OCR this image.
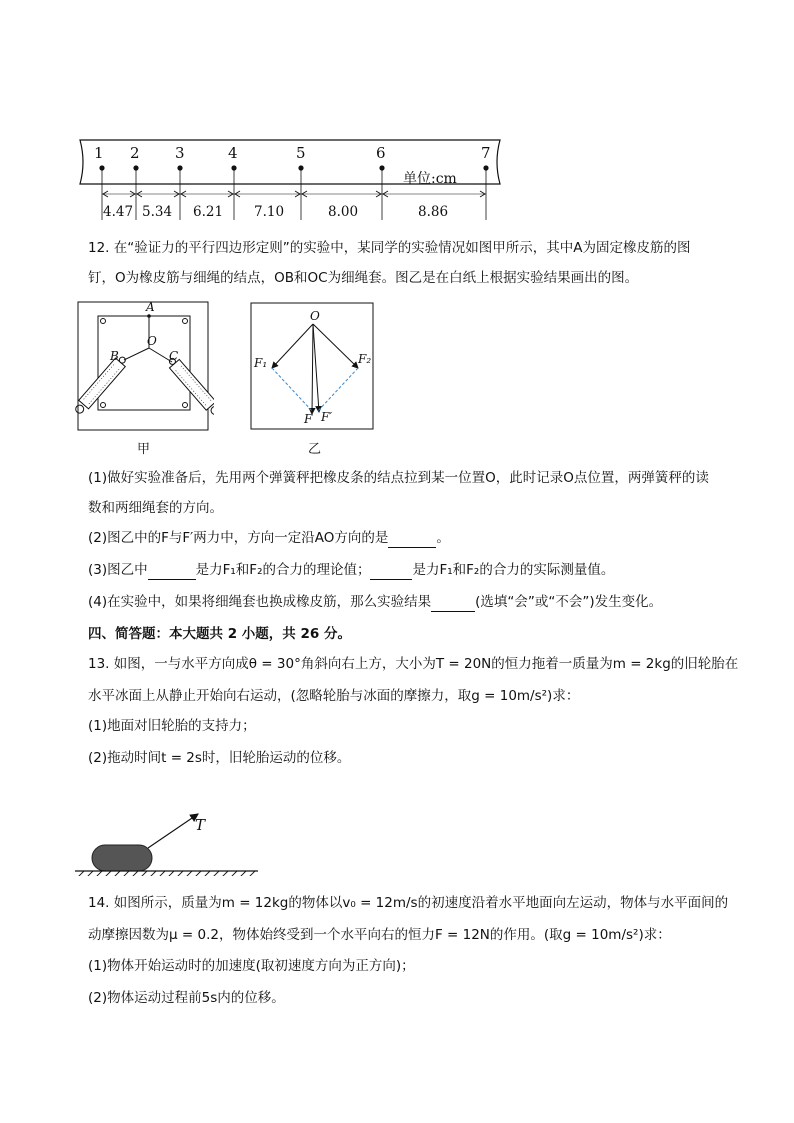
1 2 3	4	5	6	7
单位:cm
4.47 5.34 6.21 7.10	8.00	8.86
12. 在“验证力的平行四边形定则”的实验中，某同学的实验情况如图甲所示，其中A为固定橡皮筋的图
钉，O为橡皮筋与细绳的结点，OB和OC为细绳套。图乙是在白纸上根据实验结果画出的图。
A
O
B	C
甲
O
F₁	F₂
F F′
乙
(1)做好实验准备后，先用两个弹簧秤把橡皮条的结点拉到某一位置O，此时记录O点位置，两弹簧秤的读
数和两细绳套的方向。
(2)图乙中的F与F′两力中，方向一定沿AO方向的是	。
(3)图乙中	是力F₁和F₂的合力的理论值；	是力F₁和F₂的合力的实际测量值。
(4)在实验中，如果将细绳套也换成橡皮筋，那么实验结果	(选填“会”或“不会”)发生变化。
四、简答题：本大题共 2 小题，共 26 分。
13. 如图，一与水平方向成θ = 30°角斜向右上方，大小为T = 20N的恒力拖着一质量为m = 2kg的旧轮胎在
水平冰面上从静止开始向右运动，(忽略轮胎与冰面的摩擦力，取g = 10m/s²)求：
(1)地面对旧轮胎的支持力；
(2)拖动时间t = 2s时，旧轮胎运动的位移。
T
14. 如图所示，质量为m = 12kg的物体以v₀ = 12m/s的初速度沿着水平地面向左运动，物体与水平面间的
动摩擦因数为μ = 0.2，物体始终受到一个水平向右的恒力F = 12N的作用。(取g = 10m/s²)求：
(1)物体开始运动时的加速度(取初速度方向为正方向)；
(2)物体运动过程前5s内的位移。
